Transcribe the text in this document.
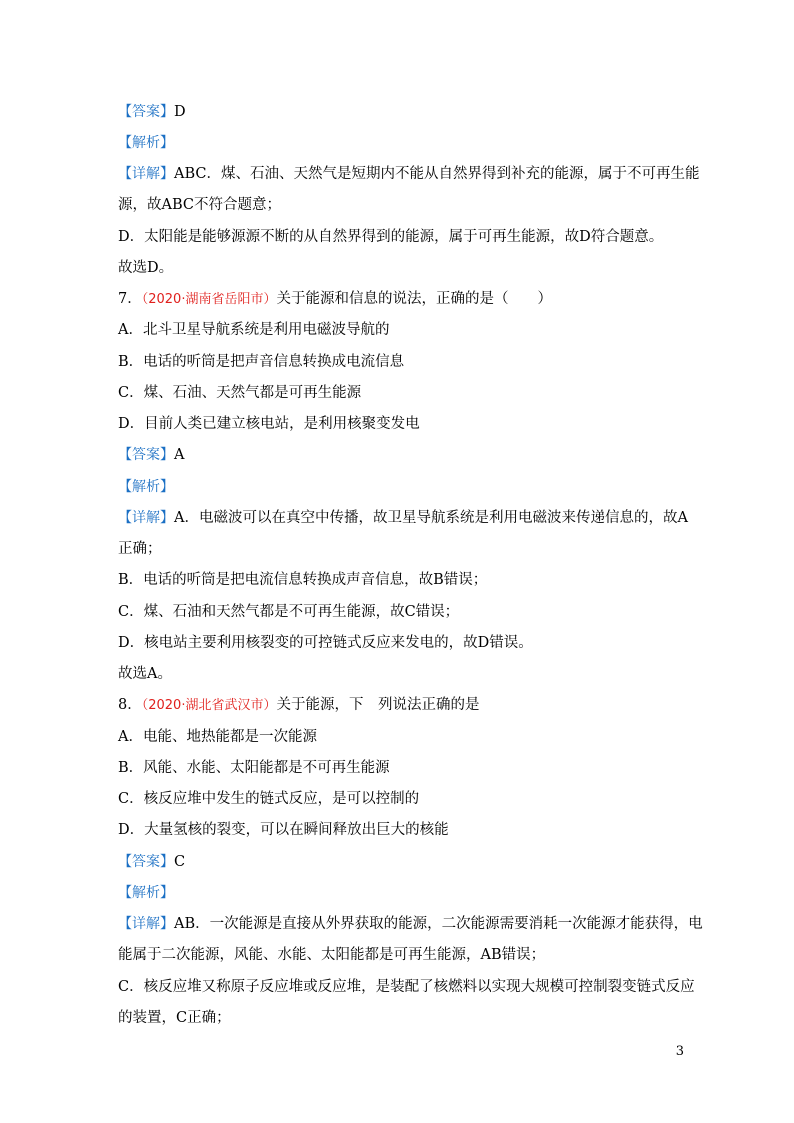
【答案】D
【解析】
【详解】ABC．煤、石油、天然气是短期内不能从自然界得到补充的能源，属于不可再生能
源，故ABC不符合题意；
D．太阳能是能够源源不断的从自然界得到的能源，属于可再生能源，故D符合题意。
故选D。
7．（2020·湖南省岳阳市）关于能源和信息的说法，正确的是（　　）
A．北斗卫星导航系统是利用电磁波导航的
B．电话的听筒是把声音信息转换成电流信息
C．煤、石油、天然气都是可再生能源
D．目前人类已建立核电站，是利用核聚变发电
【答案】A
【解析】
【详解】A．电磁波可以在真空中传播，故卫星导航系统是利用电磁波来传递信息的，故A
正确；
B．电话的听筒是把电流信息转换成声音信息，故B错误；
C．煤、石油和天然气都是不可再生能源，故C错误；
D．核电站主要利用核裂变的可控链式反应来发电的，故D错误。
故选A。
8．（2020·湖北省武汉市）关于能源，下　列说法正确的是
A．电能、地热能都是一次能源
B．风能、水能、太阳能都是不可再生能源
C．核反应堆中发生的链式反应，是可以控制的
D．大量氢核的裂变，可以在瞬间释放出巨大的核能
【答案】C
【解析】
【详解】AB．一次能源是直接从外界获取的能源，二次能源需要消耗一次能源才能获得，电
能属于二次能源，风能、水能、太阳能都是可再生能源，AB错误；
C．核反应堆又称原子反应堆或反应堆，是装配了核燃料以实现大规模可控制裂变链式反应
的装置，C正确；
3
